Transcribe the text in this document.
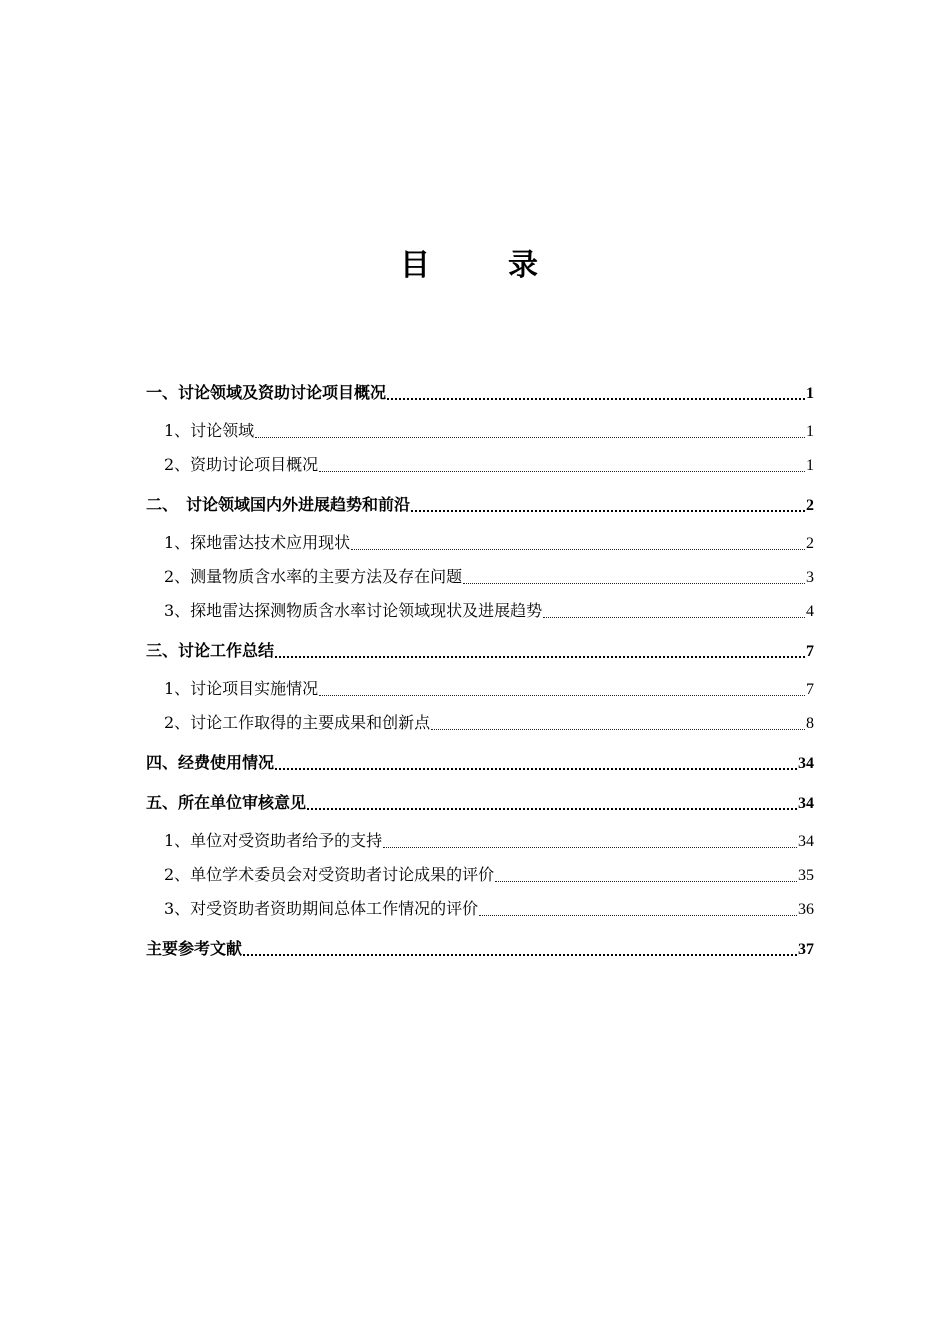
目　录
一、讨论领域及资助讨论项目概况	1
1、讨论领域	1
2、资助讨论项目概况	1
二、　讨论领域国内外进展趋势和前沿	2
1、探地雷达技术应用现状	2
2、测量物质含水率的主要方法及存在问题	3
3、探地雷达探测物质含水率讨论领域现状及进展趋势	4
三、讨论工作总结	7
1、讨论项目实施情况	7
2、讨论工作取得的主要成果和创新点	8
四、经费使用情况	34
五、所在单位审核意见	34
1、单位对受资助者给予的支持	34
2、单位学术委员会对受资助者讨论成果的评价	35
3、对受资助者资助期间总体工作情况的评价	36
主要参考文献	37
